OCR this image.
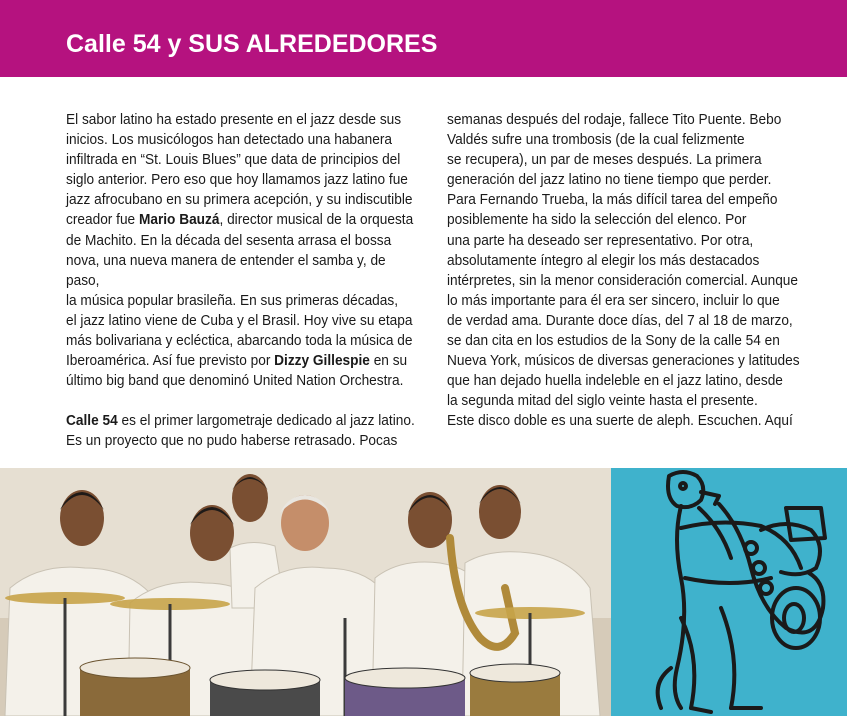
Calle 54 y SUS ALREDEDORES

El sabor latino ha estado presente en el jazz desde sus
inicios. Los musicólogos han detectado una habanera
infiltrada en “St. Louis Blues” que data de principios del
siglo anterior. Pero eso que hoy llamamos jazz latino fue
jazz afrocubano en su primera acepción, y su indiscutible
creador fue Mario Bauzá, director musical de la orquesta
de Machito. En la década del sesenta arrasa el bossa
nova, una nueva manera de entender el samba y, de paso,
la música popular brasileña. En sus primeras décadas,
el jazz latino viene de Cuba y el Brasil. Hoy vive su etapa
más bolivariana y ecléctica, abarcando toda la música de
Iberoamérica. Así fue previsto por Dizzy Gillespie en su
último big band que denominó United Nation Orchestra.

Calle 54 es el primer largometraje dedicado al jazz latino.
Es un proyecto que no pudo haberse retrasado. Pocas

semanas después del rodaje, fallece Tito Puente. Bebo
Valdés sufre una trombosis (de la cual felizmente
se recupera), un par de meses después. La primera
generación del jazz latino no tiene tiempo que perder.
Para Fernando Trueba, la más difícil tarea del empeño
posiblemente ha sido la selección del elenco. Por
una parte ha deseado ser representativo. Por otra,
absolutamente íntegro al elegir los más destacados
intérpretes, sin la menor consideración comercial. Aunque
lo más importante para él era ser sincero, incluir lo que
de verdad ama. Durante doce días, del 7 al 18 de marzo,
se dan cita en los estudios de la Sony de la calle 54 en
Nueva York, músicos de diversas generaciones y latitudes
que han dejado huella indeleble en el jazz latino, desde
la segunda mitad del siglo veinte hasta el presente.
Este disco doble es una suerte de aleph. Escuchen. Aquí
